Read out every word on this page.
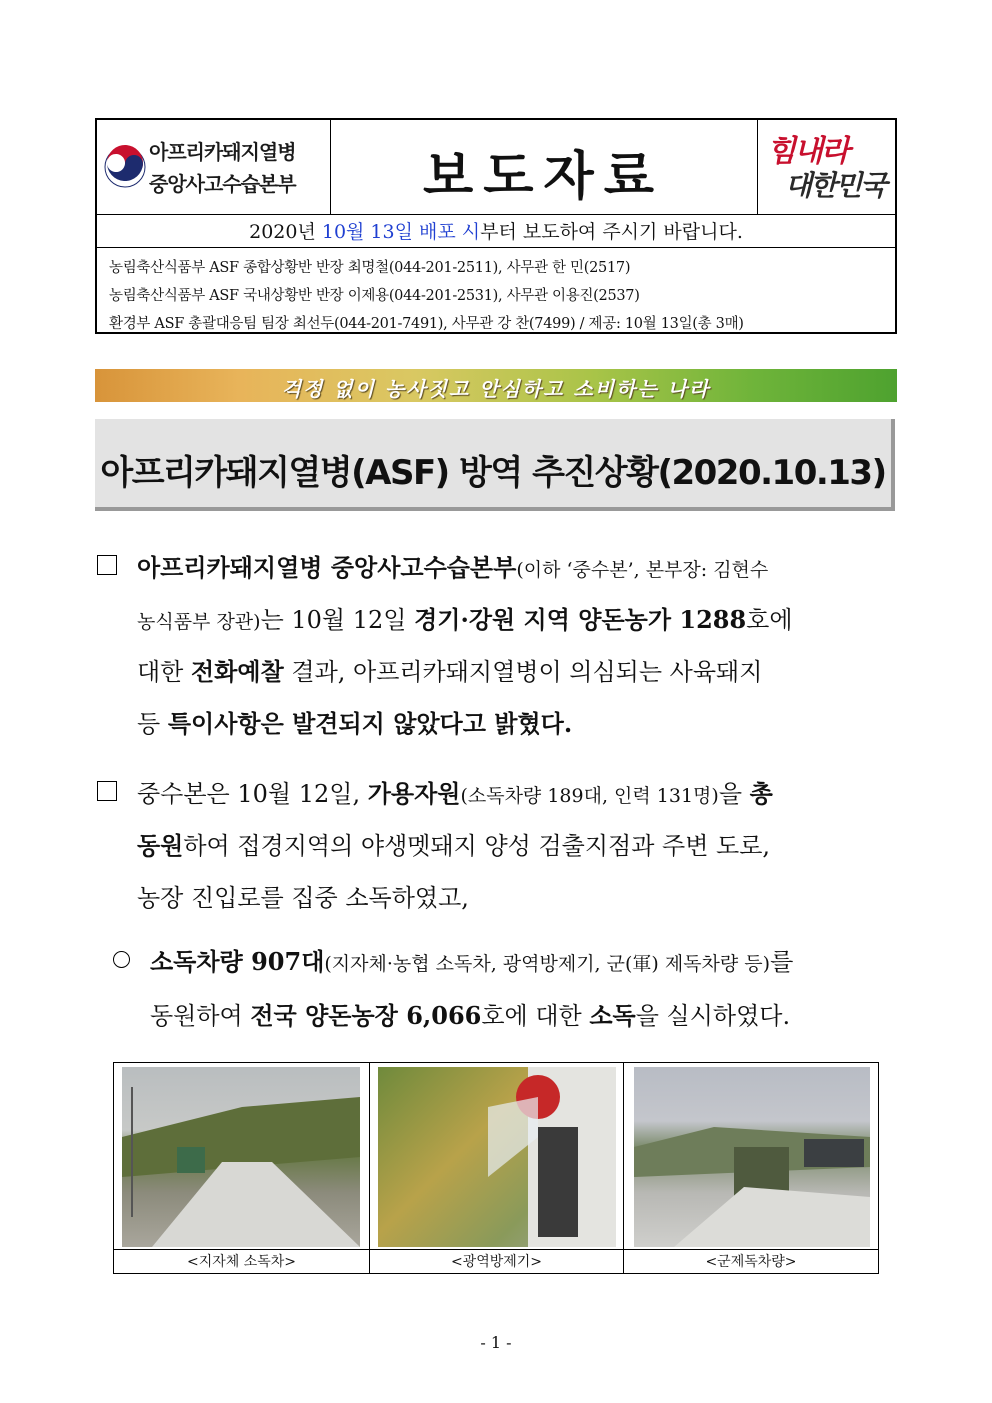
아프리카돼지열병
중앙사고수습본부	보도자료	힘내라
대한민국
2020년 10월 13일 배포 시부터 보도하여 주시기 바랍니다.
농림축산식품부 ASF 종합상황반 반장 최명철(044-201-2511), 사무관 한 민(2517)
농림축산식품부 ASF 국내상황반 반장 이제용(044-201-2531), 사무관 이용진(2537)
환경부 ASF 총괄대응팀 팀장 최선두(044-201-7491), 사무관 강 찬(7499) / 제공: 10월 13일(총 3매)
걱정 없이 농사짓고 안심하고 소비하는 나라
아프리카돼지열병(ASF) 방역 추진상황(2020.10.13)
아프리카돼지열병 중앙사고수습본부(이하 ‘중수본’, 본부장: 김현수
농식품부 장관)는 10월 12일 경기·강원 지역 양돈농가 1288호에
대한 전화예찰 결과, 아프리카돼지열병이 의심되는 사육돼지
등 특이사항은 발견되지 않았다고 밝혔다.
중수본은 10월 12일, 가용자원(소독차량 189대, 인력 131명)을 총
동원하여 접경지역의 야생멧돼지 양성 검출지점과 주변 도로,
농장 진입로를 집중 소독하였고,
소독차량 907대(지자체·농협 소독차, 광역방제기, 군(軍) 제독차량 등)를
동원하여 전국 양돈농장 6,066호에 대한 소독을 실시하였다.
<지자체 소독차>	<광역방제기>	<군제독차량>
- 1 -
